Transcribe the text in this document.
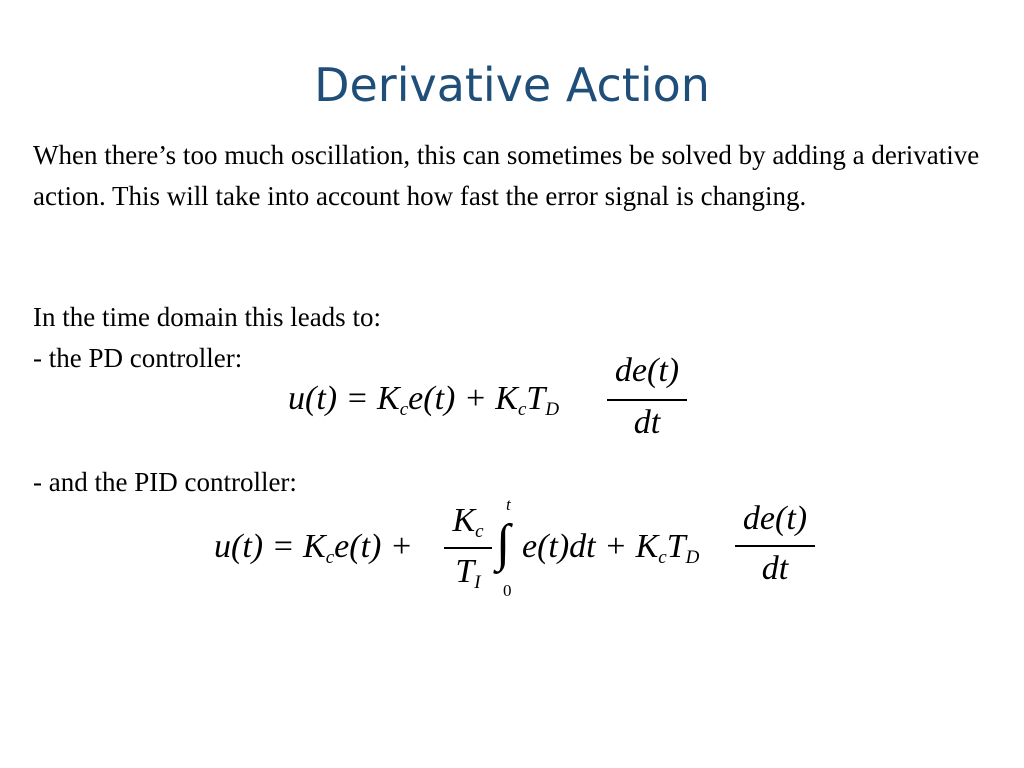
Derivative Action
When there’s too much oscillation, this can sometimes be solved by adding a derivative action. This will take into account how fast the error signal is changing.
In the time domain this leads to:
- the PD controller:
- and the PID controller:
$u(t) = K_ce(t) + K_cT_D$
de(t)
dt
$u(t) = K_ce(t)$ +
$K_c$
$T_I$
t
∫
0
$e(t)dt + K_cT_D$
de(t)
dt
